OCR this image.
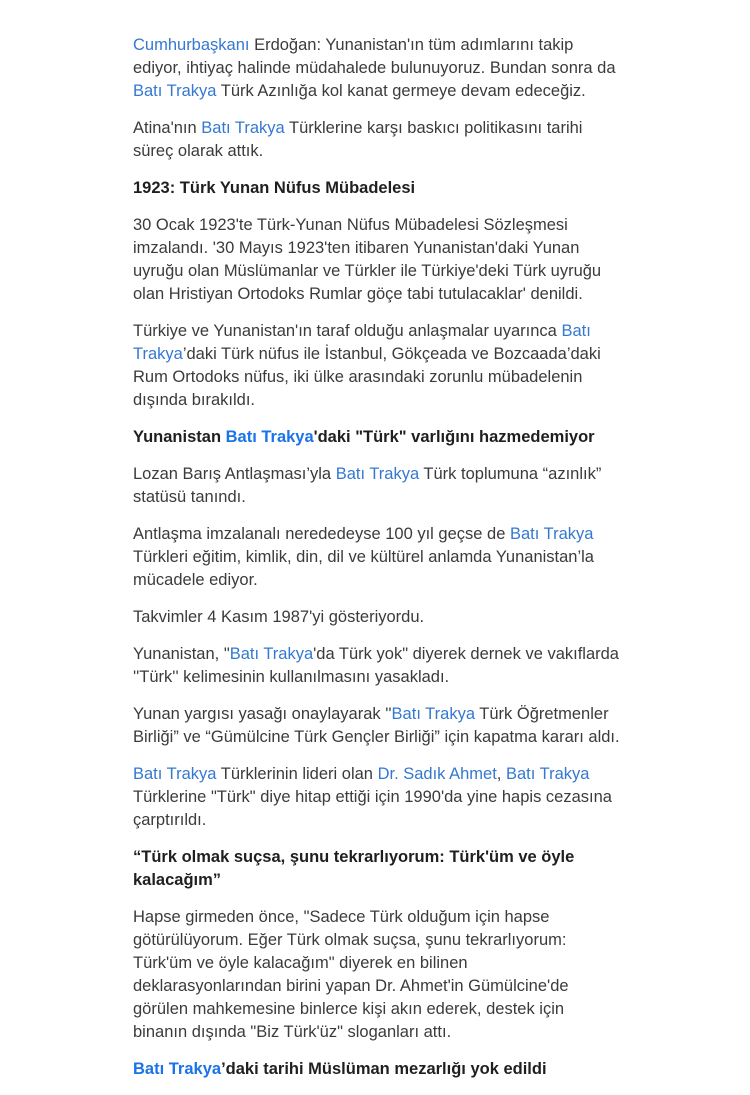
Cumhurbaşkanı Erdoğan: Yunanistan'ın tüm adımlarını takip ediyor, ihtiyaç halinde müdahalede bulunuyoruz. Bundan sonra da Batı Trakya Türk Azınlığa kol kanat germeye devam edeceğiz.

Atina'nın Batı Trakya Türklerine karşı baskıcı politikasını tarihi süreç olarak attık.

1923: Türk Yunan Nüfus Mübadelesi

30 Ocak 1923'te Türk-Yunan Nüfus Mübadelesi Sözleşmesi imzalandı. '30 Mayıs 1923'ten itibaren Yunanistan'daki Yunan uyruğu olan Müslümanlar ve Türkler ile Türkiye'deki Türk uyruğu olan Hristiyan Ortodoks Rumlar göçe tabi tutulacaklar' denildi.

Türkiye ve Yunanistan'ın taraf olduğu anlaşmalar uyarınca Batı Trakya’daki Türk nüfus ile İstanbul, Gökçeada ve Bozcaada’daki Rum Ortodoks nüfus, iki ülke arasındaki zorunlu mübadelenin dışında bırakıldı.

Yunanistan Batı Trakya'daki "Türk" varlığını hazmedemiyor

Lozan Barış Antlaşması’yla Batı Trakya Türk toplumuna “azınlık” statüsü tanındı.

Antlaşma imzalanalı nerededeyse 100 yıl geçse de Batı Trakya Türkleri eğitim, kimlik, din, dil ve kültürel anlamda Yunanistan’la mücadele ediyor.

Takvimler 4 Kasım 1987'yi gösteriyordu.

Yunanistan, "Batı Trakya'da Türk yok" diyerek dernek ve vakıflarda ''Türk'' kelimesinin kullanılmasını yasakladı.

Yunan yargısı yasağı onaylayarak ''Batı Trakya Türk Öğretmenler Birliği” ve “Gümülcine Türk Gençler Birliği” için kapatma kararı aldı.

Batı Trakya Türklerinin lideri olan Dr. Sadık Ahmet, Batı Trakya Türklerine "Türk" diye hitap ettiği için 1990'da yine hapis cezasına çarptırıldı.

“Türk olmak suçsa, şunu tekrarlıyorum: Türk'üm ve öyle kalacağım”

Hapse girmeden önce, "Sadece Türk olduğum için hapse götürülüyorum. Eğer Türk olmak suçsa, şunu tekrarlıyorum: Türk'üm ve öyle kalacağım" diyerek en bilinen deklarasyonlarından birini yapan Dr. Ahmet'in Gümülcine'de görülen mahkemesine binlerce kişi akın ederek, destek için binanın dışında "Biz Türk'üz" sloganları attı.

Batı Trakya’daki tarihi Müslüman mezarlığı yok edildi
